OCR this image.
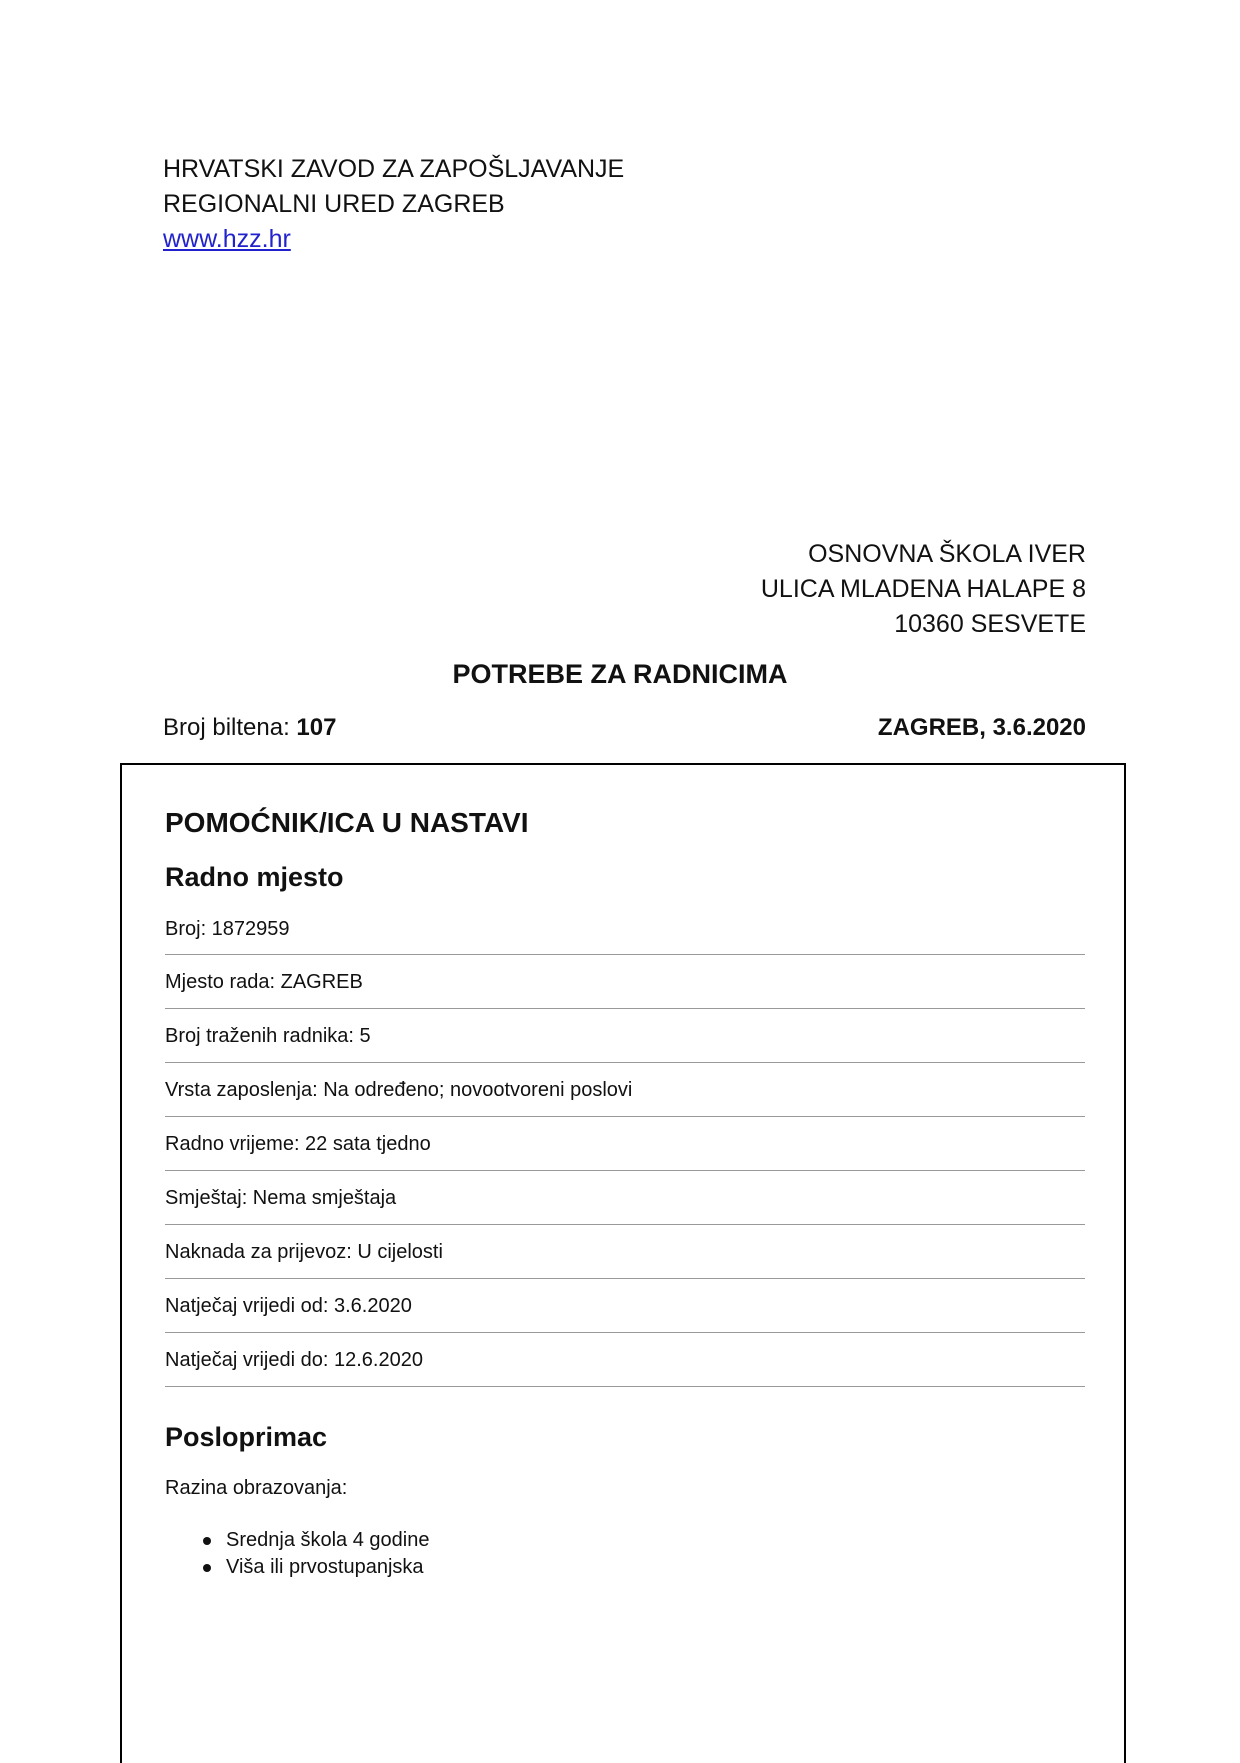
HRVATSKI ZAVOD ZA ZAPOŠLJAVANJE
REGIONALNI URED ZAGREB
www.hzz.hr
OSNOVNA ŠKOLA IVER
ULICA MLADENA HALAPE 8
10360 SESVETE
POTREBE ZA RADNICIMA
Broj biltena: 107	ZAGREB, 3.6.2020
POMOĆNIK/ICA U NASTAVI
Radno mjesto
Broj: 1872959
Mjesto rada: ZAGREB
Broj traženih radnika: 5
Vrsta zaposlenja: Na određeno; novootvoreni poslovi
Radno vrijeme: 22 sata tjedno
Smještaj: Nema smještaja
Naknada za prijevoz: U cijelosti
Natječaj vrijedi od: 3.6.2020
Natječaj vrijedi do: 12.6.2020
Posloprimac
Razina obrazovanja:
Srednja škola 4 godine
Viša ili prvostupanjska
